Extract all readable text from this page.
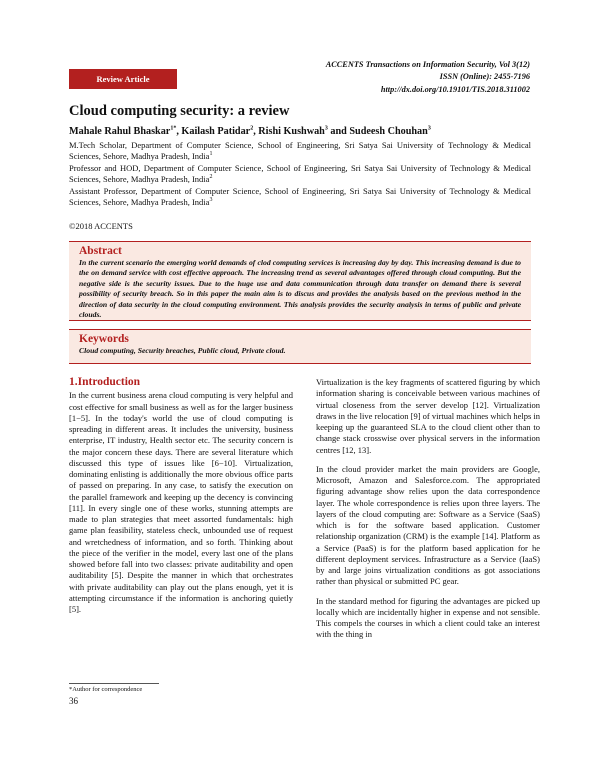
Review Article
ACCENTS Transactions on Information Security, Vol 3(12)
ISSN (Online): 2455-7196
http://dx.doi.org/10.19101/TIS.2018.311002
Cloud computing security: a review
Mahale Rahul Bhaskar$^{1*}$, Kailash Patidar$^2$, Rishi Kushwah$^3$ and Sudeesh Chouhan$^3$

M.Tech Scholar, Department of Computer Science, School of Engineering, Sri Satya Sai University of Technology & Medical Sciences, Sehore, Madhya Pradesh, India$^1$

Professor and HOD, Department of Computer Science, School of Engineering, Sri Satya Sai University of Technology & Medical Sciences, Sehore, Madhya Pradesh, India$^2$

Assistant Professor, Department of Computer Science, School of Engineering, Sri Satya Sai University of Technology & Medical Sciences, Sehore, Madhya Pradesh, India$^3$

©2018 ACCENTS
Abstract

In the current scenario the emerging world demands of clod computing services is increasing day by day. This increasing demand is due to the on demand service with cost effective approach. The increasing trend as several advantages offered through cloud computing. But the negative side is the security issues. Due to the huge use and data communication through data transfer on demand there is several possibility of security breach. So in this paper the main aim is to discus and provides the analysis based on the previous method in the direction of data security in the cloud computing environment. This analysis provides the security analysis in terms of public and private clouds.

Keywords

Cloud computing, Security breaches, Public cloud, Private cloud.

1.Introduction

In the current business arena cloud computing is very helpful and cost effective for small business as well as for the larger business [1−5]. In the today's world the use of cloud computing is spreading in different areas. It includes the university, business enterprise, IT industry, Health sector etc. The security concern is the major concern these days. There are several literature which discussed this type of issues like [6−10]. Virtualization, dominating enlisting is additionally the more obvious office parts of passed on preparing. In any case, to satisfy the execution on the parallel framework and keeping up the decency is convincing [11]. In every single one of these works, stunning attempts are made to plan strategies that meet assorted fundamentals: high game plan feasibility, stateless check, unbounded use of request and wretchedness of information, and so forth. Thinking about the piece of the verifier in the model, every last one of the plans showed before fall into two classes: private auditability and open auditability [5]. Despite the manner in which that orchestrates with private auditability can play out the plans enough, yet it is attempting circumstance if the information is anchoring quietly [5].

Virtualization is the key fragments of scattered figuring by which information sharing is conceivable between various machines of virtual closeness from the server develop [12]. Virtualization draws in the live relocation [9] of virtual machines which helps in keeping up the guaranteed SLA to the cloud client other than to change stack crosswise over physical servers in the information centres [12, 13].

In the cloud provider market the main providers are Google, Microsoft, Amazon and Salesforce.com. The appropriated figuring advantage show relies upon the data correspondence layer. The whole correspondence is relies upon three layers. The layers of the cloud computing are: Software as a Service (SaaS) which is for the software based application. Customer relationship organization (CRM) is the example [14]. Platform as a Service (PaaS) is for the platform based application for he different deployment services. Infrastructure as a Service (IaaS) by and large joins virtualization conditions as got associations rather than physical or submitted PC gear.

In the standard method for figuring the advantages are picked up locally which are incidentally higher in expense and not sensible. This compels the courses in which a client could take an interest with the thing in

*Author for correspondence
36
